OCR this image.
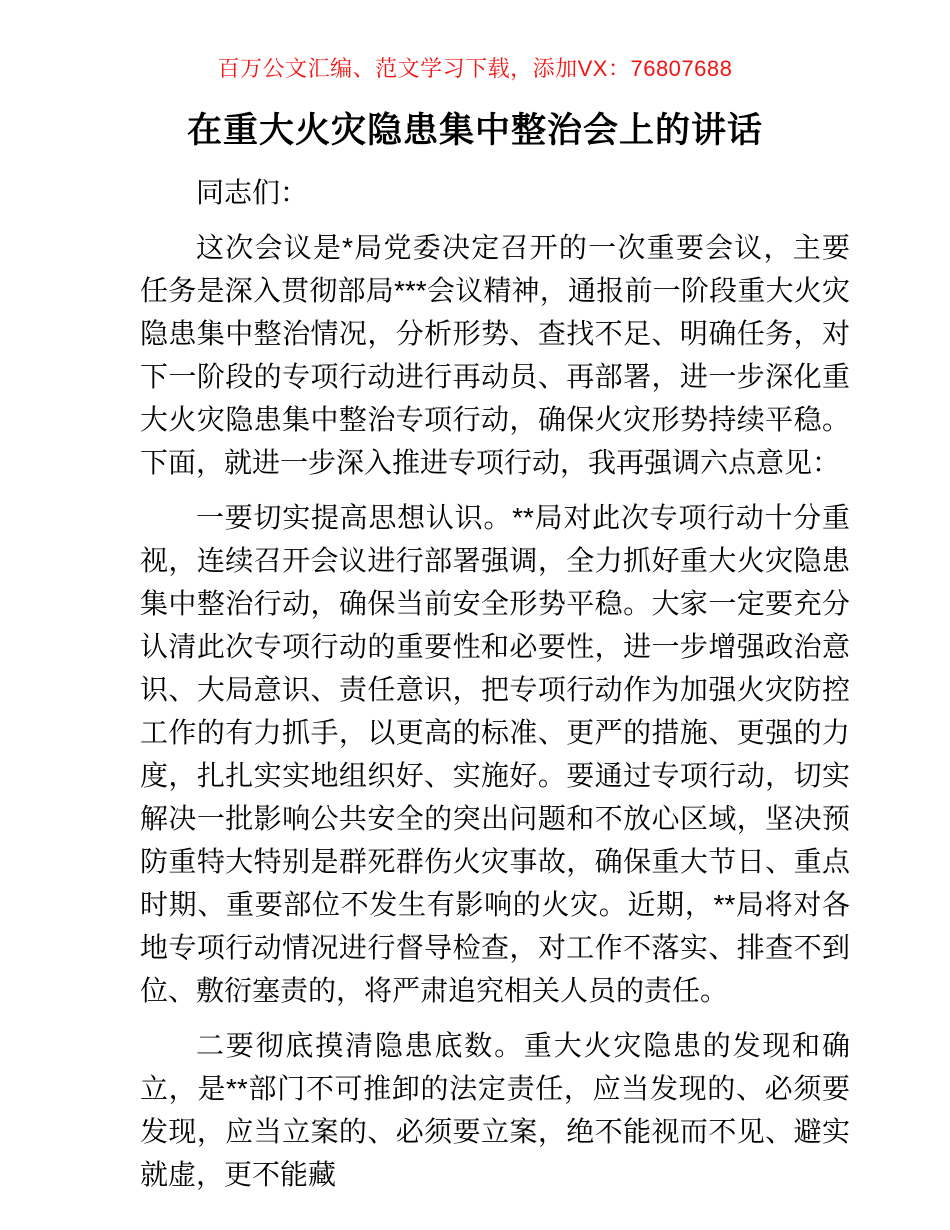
百万公文汇编、范文学习下载，添加VX：76807688
在重大火灾隐患集中整治会上的讲话

同志们：

这次会议是*局党委决定召开的一次重要会议，主要任务是深入贯彻部局***会议精神，通报前一阶段重大火灾隐患集中整治情况，分析形势、查找不足、明确任务，对下一阶段的专项行动进行再动员、再部署，进一步深化重大火灾隐患集中整治专项行动，确保火灾形势持续平稳。下面，就进一步深入推进专项行动，我再强调六点意见：

一要切实提高思想认识。**局对此次专项行动十分重视，连续召开会议进行部署强调，全力抓好重大火灾隐患集中整治行动，确保当前安全形势平稳。大家一定要充分认清此次专项行动的重要性和必要性，进一步增强政治意识、大局意识、责任意识，把专项行动作为加强火灾防控工作的有力抓手，以更高的标准、更严的措施、更强的力度，扎扎实实地组织好、实施好。要通过专项行动，切实解决一批影响公共安全的突出问题和不放心区域，坚决预防重特大特别是群死群伤火灾事故，确保重大节日、重点时期、重要部位不发生有影响的火灾。近期，**局将对各地专项行动情况进行督导检查，对工作不落实、排查不到位、敷衍塞责的，将严肃追究相关人员的责任。

二要彻底摸清隐患底数。重大火灾隐患的发现和确立，是**部门不可推卸的法定责任，应当发现的、必须要发现，应当立案的、必须要立案，绝不能视而不见、避实就虚，更不能藏
